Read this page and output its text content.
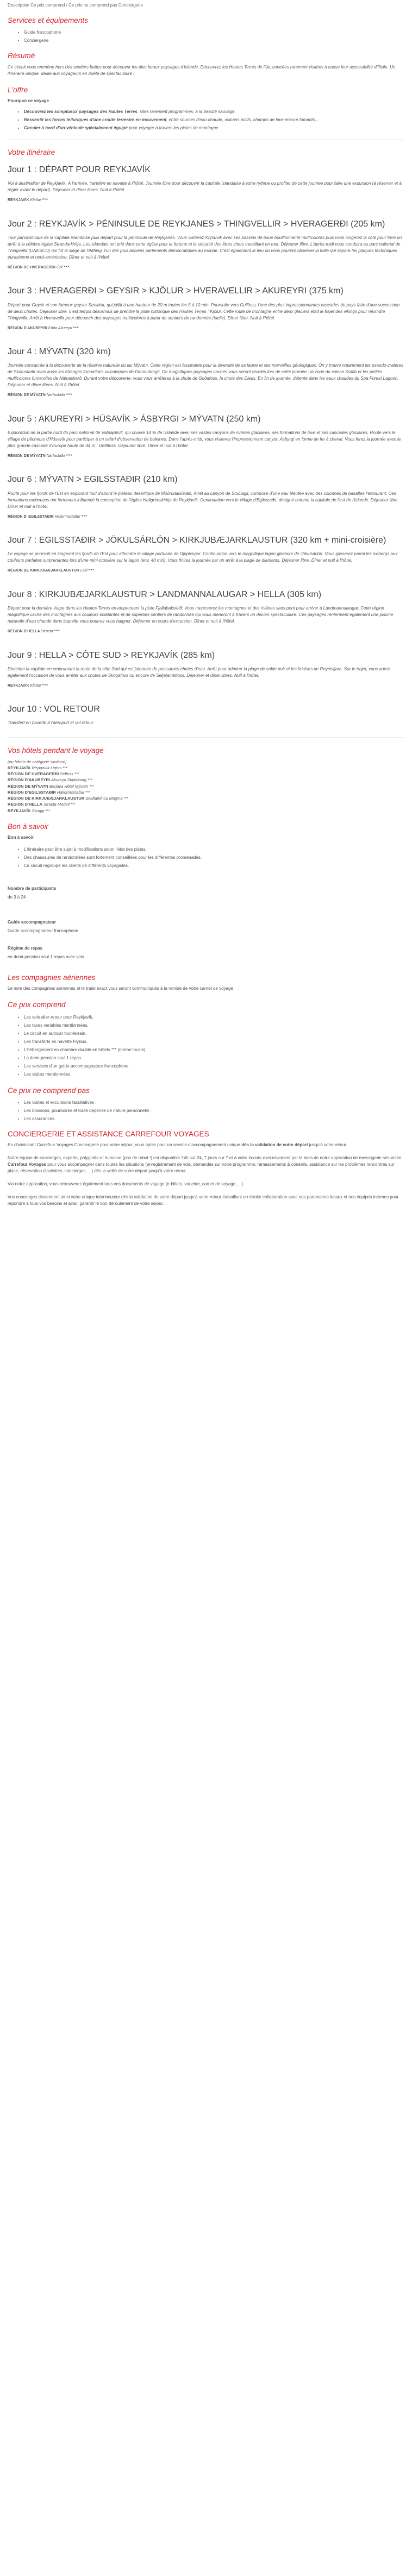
Description Ce prix comprend / Ce prix ne comprend pas Conciergerie
Services et équipements
• Guide francophone
• Conciergerie
Résumé

Ce circuit vous emmène hors des sentiers battus pour découvrir les plus beaux paysages d'Islande. Découvrez les Hautes Terres de l'Ile, contrées rarement visitées à cause leur accessibilité difficile. Un itinéraire unique, dédié aux voyageurs en quête de spectaculaire !

L'offre

Pourquoi ce voyage

• Découvrez les somptueux paysages des Hautes Terres, sites rarement programmés, à la beauté sauvage.
• Ressentir les forces telluriques d'une croûte terrestre en mouvement, entre sources d'eau chaude, volcans actifs, champs de lave encore fumants...
• Circuler à bord d'un véhicule spécialement équipé pour voyager à travers les pistes de montagne.
Votre itinéraire
Jour 1 : DÉPART POUR REYKJAVÍK

Vol à destination de Reykjavik. À l'arrivée, transfert en navette à l'hôtel. Journée libre pour découvrir la capitale islandaise à votre rythme ou profiter de cette journée pour faire une excursion (à réserver et à régler avant le départ). Déjeuner et dîner libres. Nuit à l'hôtel.

REYKJAVÍK Klettur ***

Jour 2 : REYKJAVÍK > PÉNINSULE DE REYKJANES > THINGVELLIR > HVERAGERÐI (205 km)

Tour panoramique de la capitale islandaise puis départ pour la péninsule de Reykjanes. Vous visiterez Krýsuvík avec ses bassins de boue bouillonnante multicolores puis vous longerez la côte pour faire un arrêt à la célèbre église Strandarkirkja. Les islandais ont prié dans cette église pour la fortune et la sécurité des êtres chers travaillant en mer. Déjeuner libre. L'après-midi vous conduira au parc national de Thingvellir (UNESCO) qui fut le siège de l'Althing, l'un des plus anciens parlements démocratiques au monde. C'est également le lieu où vous pourrez observer la faille qui sépare les plaques tectoniques eurasienne et nord-américaine. Dîner et nuit à l'hôtel.

RÉGION DE HVERAGERÐI Örk ***

Jour 3 : HVERAGERÐI > GEYSIR > KJÖLUR > HVERAVELLIR > AKUREYRI (375 km)

Départ pour Geysir et son fameux geyser Strokkur, qui jaillit à une hauteur de 20 m toutes les 5 à 10 min. Poursuite vers Gullfoss, l'une des plus impressionnantes cascades du pays faite d'une succession de deux chutes. Déjeuner libre. Il est temps désormais de prendre la piste historique des Hautes Terres : Kjölur. Cette route de montagne entre deux glaciers était le trajet des vikings pour rejoindre Thingvellir. Arrêt à Hveravellir pour découvrir des paysages multicolores à partir de sentiers de randonnée (facile). Dîner libre. Nuit à l'hôtel.

RÉGION D'AKUREYRI Edda Akureyri ***

Jour 4 : MÝVATN (320 km)

Journée consacrée à la découverte de la réserve naturelle du lac Mývatn. Cette région est fascinante pour la diversité de sa faune et ses merveilles géologiques. On y trouve notamment les pseudo-cratères de Skútustaðir mais aussi les étranges formations volcaniques de Dimmuborgir. De magnifiques paysages cachés vous seront révélés lors de cette journée : la zone du volcan Krafla et les petites multicolores fumerolles de Námaskarð. Durant votre découverte, vous vous arrêterez à la chute de Goðafoss, la chute des Dieux. En fin de journée, détente dans les eaux chaudes du Spa Forest Lagoon. Déjeuner et dîner libres. Nuit à l'hôtel.

RÉGION DE MÝVATN Narfastaðir ***

Jour 5 : AKUREYRI > HÚSAVÍK > ÁSBYRGI > MÝVATN (250 km)

Exploration de la partie nord du parc national de Vatnajökull, qui couvre 14 % de l'Islande avec ses vastes canyons de rivières glaciaires, ses formations de lave et ses cascades glaciaires. Route vers le village de pêcheurs d'Húsavík pour participer à un safari d'observation de baleines. Dans l'après-midi, vous visiterez l'impressionnant canyon Ásbyrgi en forme de fer à cheval. Vous ferez la journée avec la plus grande cascade d'Europe haute de 44 m : Dettifoss. Déjeuner libre. Dîner et nuit à l'hôtel.

RÉGION DE MÝVATN Narfastaðir ***

Jour 6 : MÝVATN > EGILSSTAÐIR (210 km)

Route pour les fjords de l'Est en explorant tout d'abord le plateau désertique de Möðrudalsöræfi. Arrêt au canyon de Stuðlagil, composé d'une eau bleutée avec des colonnes de basaltes l'entourant. Ces formations rocheuses ont fortement influencé la conception de l'église Hallgrímskirkja de Reykjavík. Continuation vers le village d'Egilsstaðir, désigné comme la capitale de l'est de l'Islande. Déjeuner libre. Dîner et nuit à l'hôtel.

RÉGION D' EGILSSTAÐIR Hallormsstaður ***

Jour 7 : EGILSSTAÐIR > JÖKULSÁRLÓN > KIRKJUBÆJARKLAUSTUR (320 km + mini-croisière)

Le voyage se poursuit en longeant les fjords de l'Est pour atteindre le village portuaire de Djúpivogur. Continuation vers le magnifique lagon glaciaire de Jökulsárlón. Vous glisserez parmi les icebergs aux couleurs parfaites surprenantes lors d'une mini-croisière sur le lagon (env. 40 min). Vous finirez la journée par un arrêt à la plage de diamants. Déjeuner libre. Dîner et nuit à l'hôtel.

RÉGION DE KIRKJUBÆJARKLAUSTUR Laki ***

Jour 8 : KIRKJUBÆJARKLAUSTUR > LANDMANNALAUGAR > HELLA (305 km)

Départ pour la dernière étape dans les Hautes Terres en empruntant la piste Fjallabaksleið. Vous traverserez les montagnes et des rivières sans pont pour arriver à Landmannalaugar. Cette région magnifique cache des montagnes aux couleurs éclatantes et de superbes sentiers de randonnée qui vous mèneront à travers un décors spectaculaire. Ces paysages renferment également une piscine naturelle d'eau chaude dans laquelle vous pourrez vous baigner. Déjeuner en cours d'excursion. Dîner et nuit à l'hôtel.

RÉGION D'HELLA Stracta ***

Jour 9 : HELLA > CÔTE SUD > REYKJAVÍK (285 km)

Direction la capitale en empruntant la route de la côte Sud qui est jalonnée de puissantes chutes d'eau. Arrêt pour admirer la plage de sable noir et les falaises de Reynisfjara. Sur le trajet, vous aurez également l'occasion de vous arrêter aux chutes de Skógafoss ou encore de Seljalandsfoss. Déjeuner et dîner libres. Nuit à l'hôtel.

REYKJAVÍK Klettur ***

Jour 10 : VOL RETOUR

Transfert en navette à l'aéroport et vol retour.

Vos hôtels pendant le voyage

(ou hôtels de catégorie similaire)

REYKJAVÍK Reykjavík Lights ***

RÉGION DE HVERAGERÐI Selfoss ***

RÉGION D'AKUREYRI Akureyri Skjaldborg ***

RÉGION DE MÝVATN Berjaya Hôtel Mývatn ***

RÉGION D'EGILSSTAÐIR Hallormsstaður ***

RÉGION DE KIRKJUBÆJARKLAUSTUR Skaftafell ou Magma ***

RÉGION D'HELLA Stracta Modell ***

REYKJAVÍK Skuggi ***

Bon à savoir

Bon à savoir

• L'itinéraire peut être sujet à modifications selon l'état des pistes.
• Des chaussures de randonnées sont fortement conseillées pour les différentes promenades.
• Ce circuit regroupe les clients de différents voyagistes.

Nombre de participants

de 3 à 24

Guide accompagnateur

Guide accompagnateur francophone

Régime de repas

en demi-pension soul 1 repas avec vols

Les compagnies aériennes

Le nom des compagnies aériennes et le trajet exact vous seront communiqués à la remise de votre carnet de voyage

Ce prix comprend
• Les vols aller-retour pour Reykjavík,
• Les taxes variables mentionnées.
• Le circuit en autocar tout-terrain.
• Les transferts en navette FlyBus.
• L'hébergement en chambre double en hôtels *** (norme locale).
• La demi-pension soul 1 repas.
• Les services d'un guide-accompagnateur francophone.
• Les visites mentionnées.
Ce prix ne comprend pas
• Les visites et excursions facultatives ;
• Les boissons, pourboires et toute dépense de nature personnelle ;
• Les assurances.
CONCIERGERIE ET ASSISTANCE CARREFOUR VOYAGES

En choisissant Carrefour Voyages Conciergerie pour votre séjour, vous optez pour un service d'accompagnement unique dès la validation de votre départ jusqu'à votre retour.

Notre équipe de concierges, experte, polyglotte et humaine (pas de robot !) est disponible 24h sur 24, 7 jours sur 7 et à votre écoute exclusivement par le biais de notre application de messagerie sécurisée, Carrefour Voyages pour vous accompagner dans toutes les situations (enregistrement de vols, demandes sur votre programme, ramassements & conseils, assistance sur les problèmes rencontrés sur place, réservation d'activités, concierges, ...) dès la veille de votre départ jusqu'à votre retour.

Via notre application, vous retrouverez également tous vos documents de voyage (e-billets, voucher, carnet de voyage, ...)

Vos concierges deviennent ainsi votre unique interlocuteur dès la validation de votre départ jusqu'à votre retour. travaillant en étroite collaboration avec nos partenaires locaux et nos équipes internes pour répondre à tous vos besoins et ainsi, garantir le bon déroulement de votre séjour.
